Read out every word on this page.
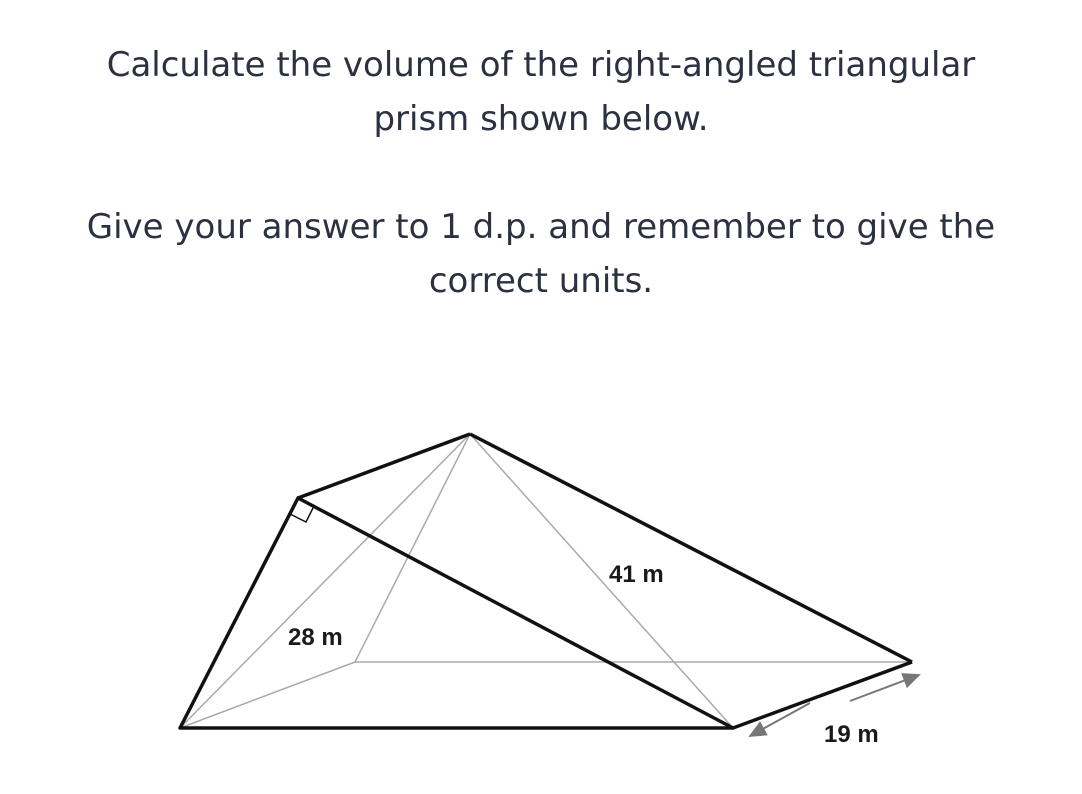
Calculate the volume of the right-angled triangular
prism shown below.

Give your answer to 1 d.p. and remember to give the
correct units.

41 m
28 m
19 m
